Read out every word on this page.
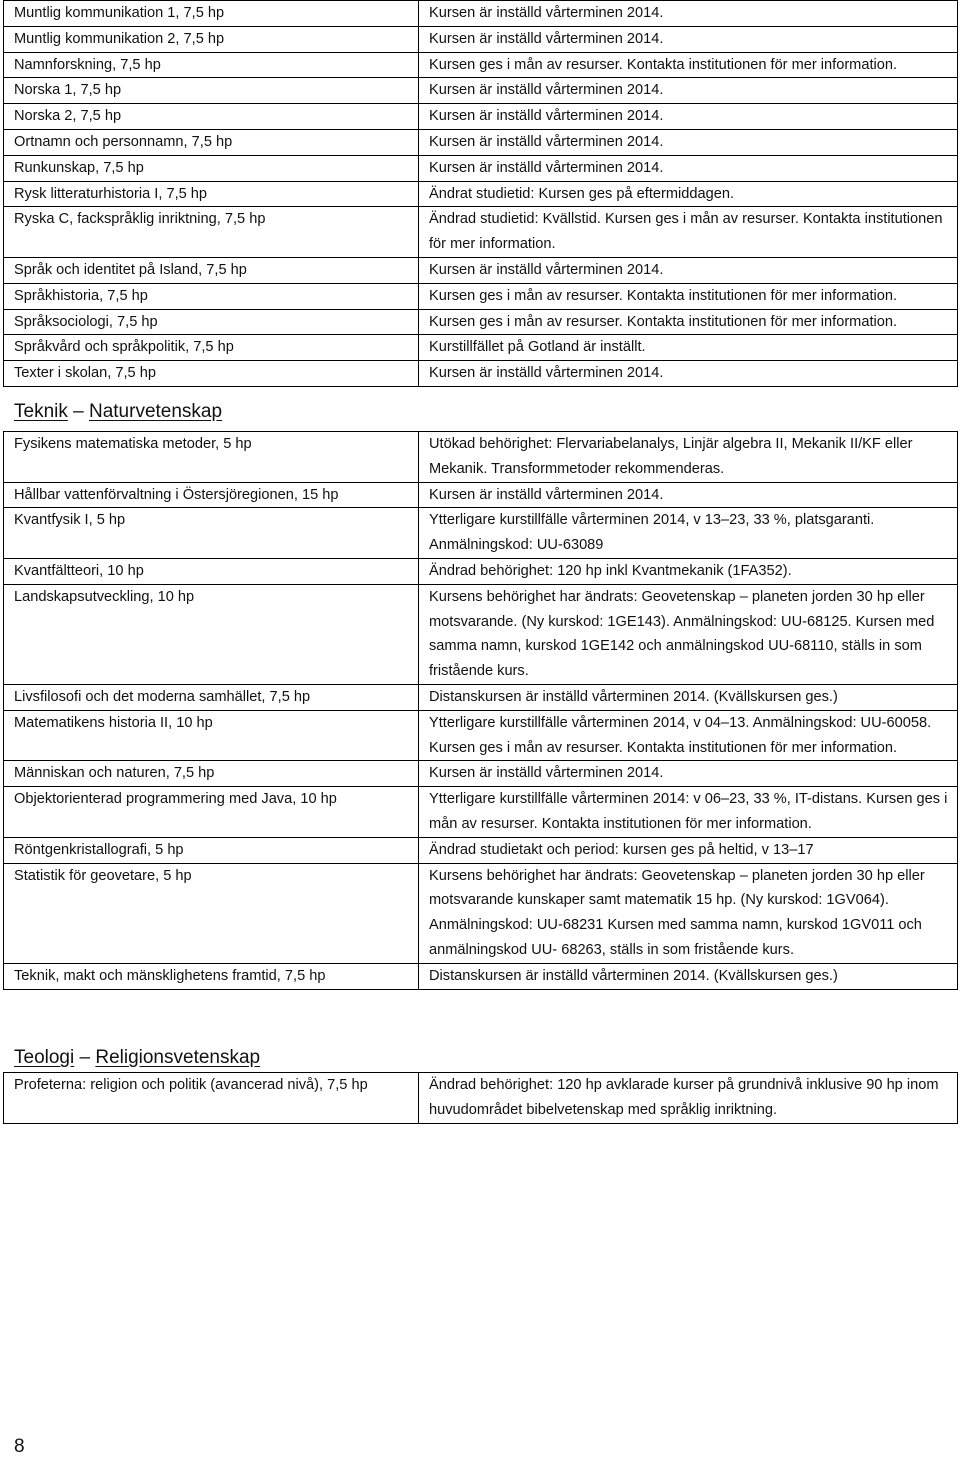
Muntlig kommunikation 1, 7,5 hp	Kursen är inställd vårterminen 2014.
Muntlig kommunikation 2, 7,5 hp	Kursen är inställd vårterminen 2014.
Namnforskning, 7,5 hp	Kursen ges i mån av resurser. Kontakta institutionen för mer information.
Norska 1, 7,5 hp	Kursen är inställd vårterminen 2014.
Norska 2, 7,5 hp	Kursen är inställd vårterminen 2014.
Ortnamn och personnamn, 7,5 hp	Kursen är inställd vårterminen 2014.
Runkunskap, 7,5 hp	Kursen är inställd vårterminen 2014.
Rysk litteraturhistoria I, 7,5 hp	Ändrat studietid: Kursen ges på eftermiddagen.
Ryska C, fackspråklig inriktning, 7,5 hp	Ändrad studietid: Kvällstid. Kursen ges i mån av resurser. Kontakta institutionen för mer information.
Språk och identitet på Island, 7,5 hp	Kursen är inställd vårterminen 2014.
Språkhistoria, 7,5 hp	Kursen ges i mån av resurser. Kontakta institutionen för mer information.
Språksociologi, 7,5 hp	Kursen ges i mån av resurser. Kontakta institutionen för mer information.
Språkvård och språkpolitik, 7,5 hp	Kurstillfället på Gotland är inställt.
Texter i skolan, 7,5 hp	Kursen är inställd vårterminen 2014.
Teknik – Naturvetenskap
Fysikens matematiska metoder, 5 hp	Utökad behörighet: Flervariabelanalys, Linjär algebra II, Mekanik II/KF eller Mekanik. Transformmetoder rekommenderas.
Hållbar vattenförvaltning i Östersjöregionen, 15 hp	Kursen är inställd vårterminen 2014.
Kvantfysik I, 5 hp	Ytterligare kurstillfälle vårterminen 2014, v 13–23, 33 %, platsgaranti. Anmälningskod: UU-63089
Kvantfältteori, 10 hp	Ändrad behörighet: 120 hp inkl Kvantmekanik (1FA352).
Landskapsutveckling, 10 hp	Kursens behörighet har ändrats: Geovetenskap – planeten jorden 30 hp eller motsvarande. (Ny kurskod: 1GE143). Anmälningskod: UU-68125. Kursen med samma namn, kurskod 1GE142 och anmälningskod UU-68110, ställs in som fristående kurs.
Livsfilosofi och det moderna samhället, 7,5 hp	Distanskursen är inställd vårterminen 2014. (Kvällskursen ges.)
Matematikens historia II, 10 hp	Ytterligare kurstillfälle vårterminen 2014, v 04–13. Anmälningskod: UU-60058. Kursen ges i mån av resurser. Kontakta institutionen för mer information.
Människan och naturen, 7,5 hp	Kursen är inställd vårterminen 2014.
Objektorienterad programmering med Java, 10 hp	Ytterligare kurstillfälle vårterminen 2014: v 06–23, 33 %, IT-distans. Kursen ges i mån av resurser. Kontakta institutionen för mer information.
Röntgenkristallografi, 5 hp	Ändrad studietakt och period: kursen ges på heltid, v 13–17
Statistik för geovetare, 5 hp	Kursens behörighet har ändrats: Geovetenskap – planeten jorden 30 hp eller motsvarande kunskaper samt matematik 15 hp. (Ny kurskod: 1GV064). Anmälningskod: UU-68231 Kursen med samma namn, kurskod 1GV011 och anmälningskod UU- 68263, ställs in som fristående kurs.
Teknik, makt och mänsklighetens framtid, 7,5 hp	Distanskursen är inställd vårterminen 2014. (Kvällskursen ges.)
Teologi – Religionsvetenskap
Profeterna: religion och politik (avancerad nivå), 7,5 hp	Ändrad behörighet: 120 hp avklarade kurser på grundnivå inklusive 90 hp inom huvudområdet bibelvetenskap med språklig inriktning.
8
